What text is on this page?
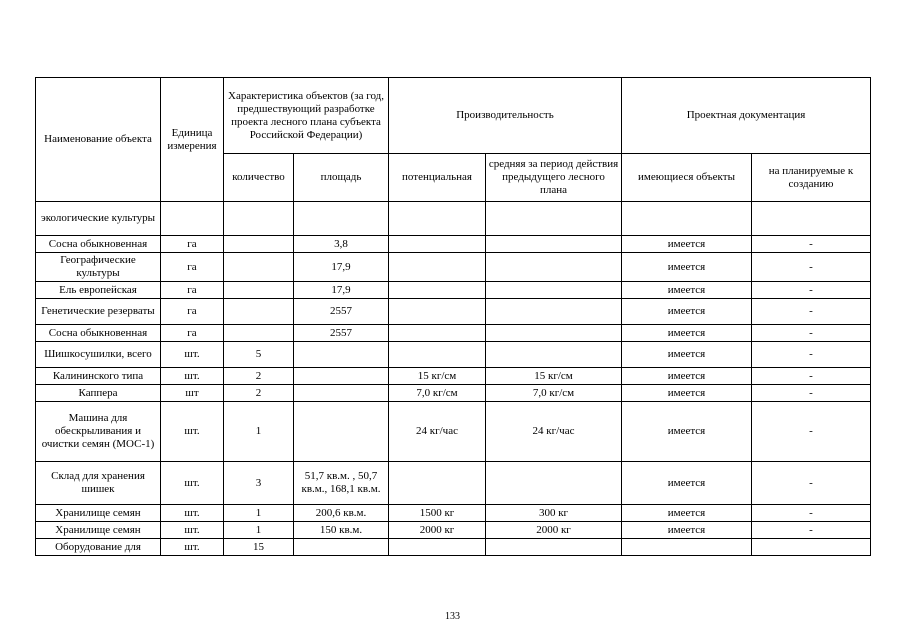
Наименование объекта	Единица измерения	Характеристика объектов (за год, предшествующий разработке проекта лесного плана субъекта Российской Федерации)		Производительность		Проектная документация	
		количество	площадь	потенциальная	средняя за период действия предыдущего лесного плана	имеющиеся объекты	на планируемые к созданию
экологические культуры							
Сосна обыкновенная	га		3,8			имеется	-
Географические культуры	га		17,9			имеется	-
Ель европейская	га		17,9			имеется	-
Генетические резерваты	га		2557			имеется	-
Сосна обыкновенная	га		2557			имеется	-
Шишкосушилки, всего	шт.	5				имеется	-
Калининского типа	шт.	2		15 кг/см	15 кг/см	имеется	-
Каппера	шт	2		7,0 кг/см	7,0 кг/см	имеется	-
Машина для обескрыливания и очистки семян (МОС-1)	шт.	1		24 кг/час	24 кг/час	имеется	-
Склад для хранения шишек	шт.	3	51,7 кв.м. , 50,7 кв.м., 168,1 кв.м.			имеется	-
Хранилище семян	шт.	1	200,6 кв.м.	1500 кг	300 кг	имеется	-
Хранилище семян	шт.	1	150 кв.м.	2000 кг	2000 кг	имеется	-
Оборудование для	шт.	15					
133
